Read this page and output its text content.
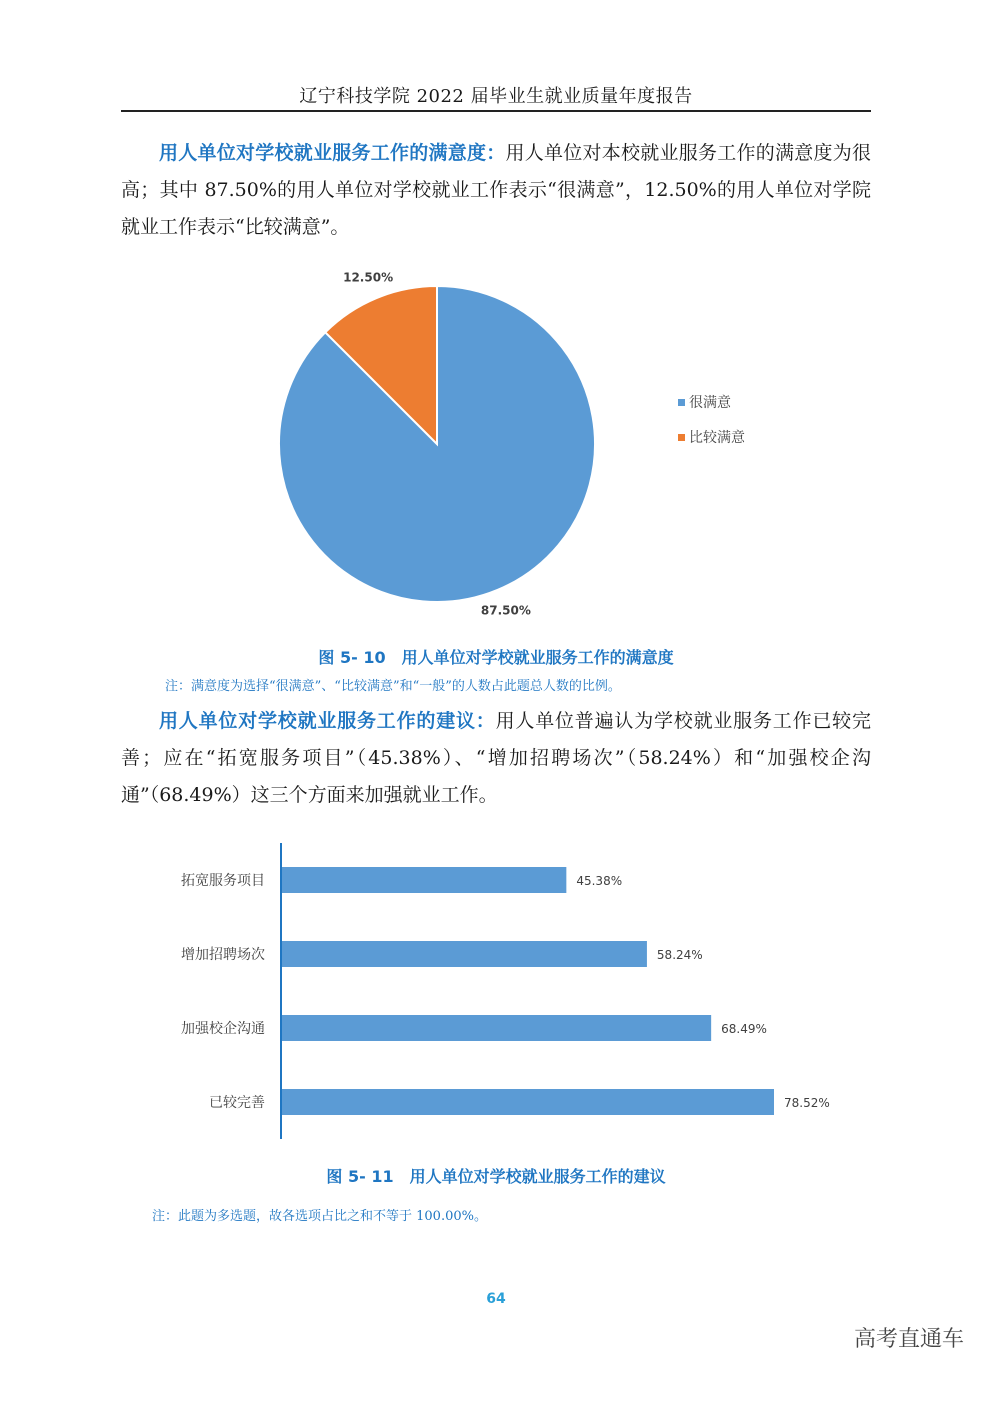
辽宁科技学院 2022 届毕业生就业质量年度报告
用人单位对学校就业服务工作的满意度：用人单位对本校就业服务工作的满意度为很高；其中 87.50%的用人单位对学校就业工作表示“很满意”，12.50%的用人单位对学院就业工作表示“比较满意”。
87.50%
12.50%
很满意
比较满意
图 5- 10　用人单位对学校就业服务工作的满意度
注：满意度为选择“很满意”、“比较满意”和“一般”的人数占此题总人数的比例。
用人单位对学校就业服务工作的建议：用人单位普遍认为学校就业服务工作已较完善；应在“拓宽服务项目”（45.38%）、“增加招聘场次”（58.24%）和“加强校企沟通”（68.49%）这三个方面来加强就业工作。
拓宽服务项目	45.38%
增加招聘场次	58.24%
加强校企沟通	68.49%
已较完善	78.52%
图 5- 11　用人单位对学校就业服务工作的建议
注：此题为多选题，故各选项占比之和不等于 100.00%。
64
高考直通车
